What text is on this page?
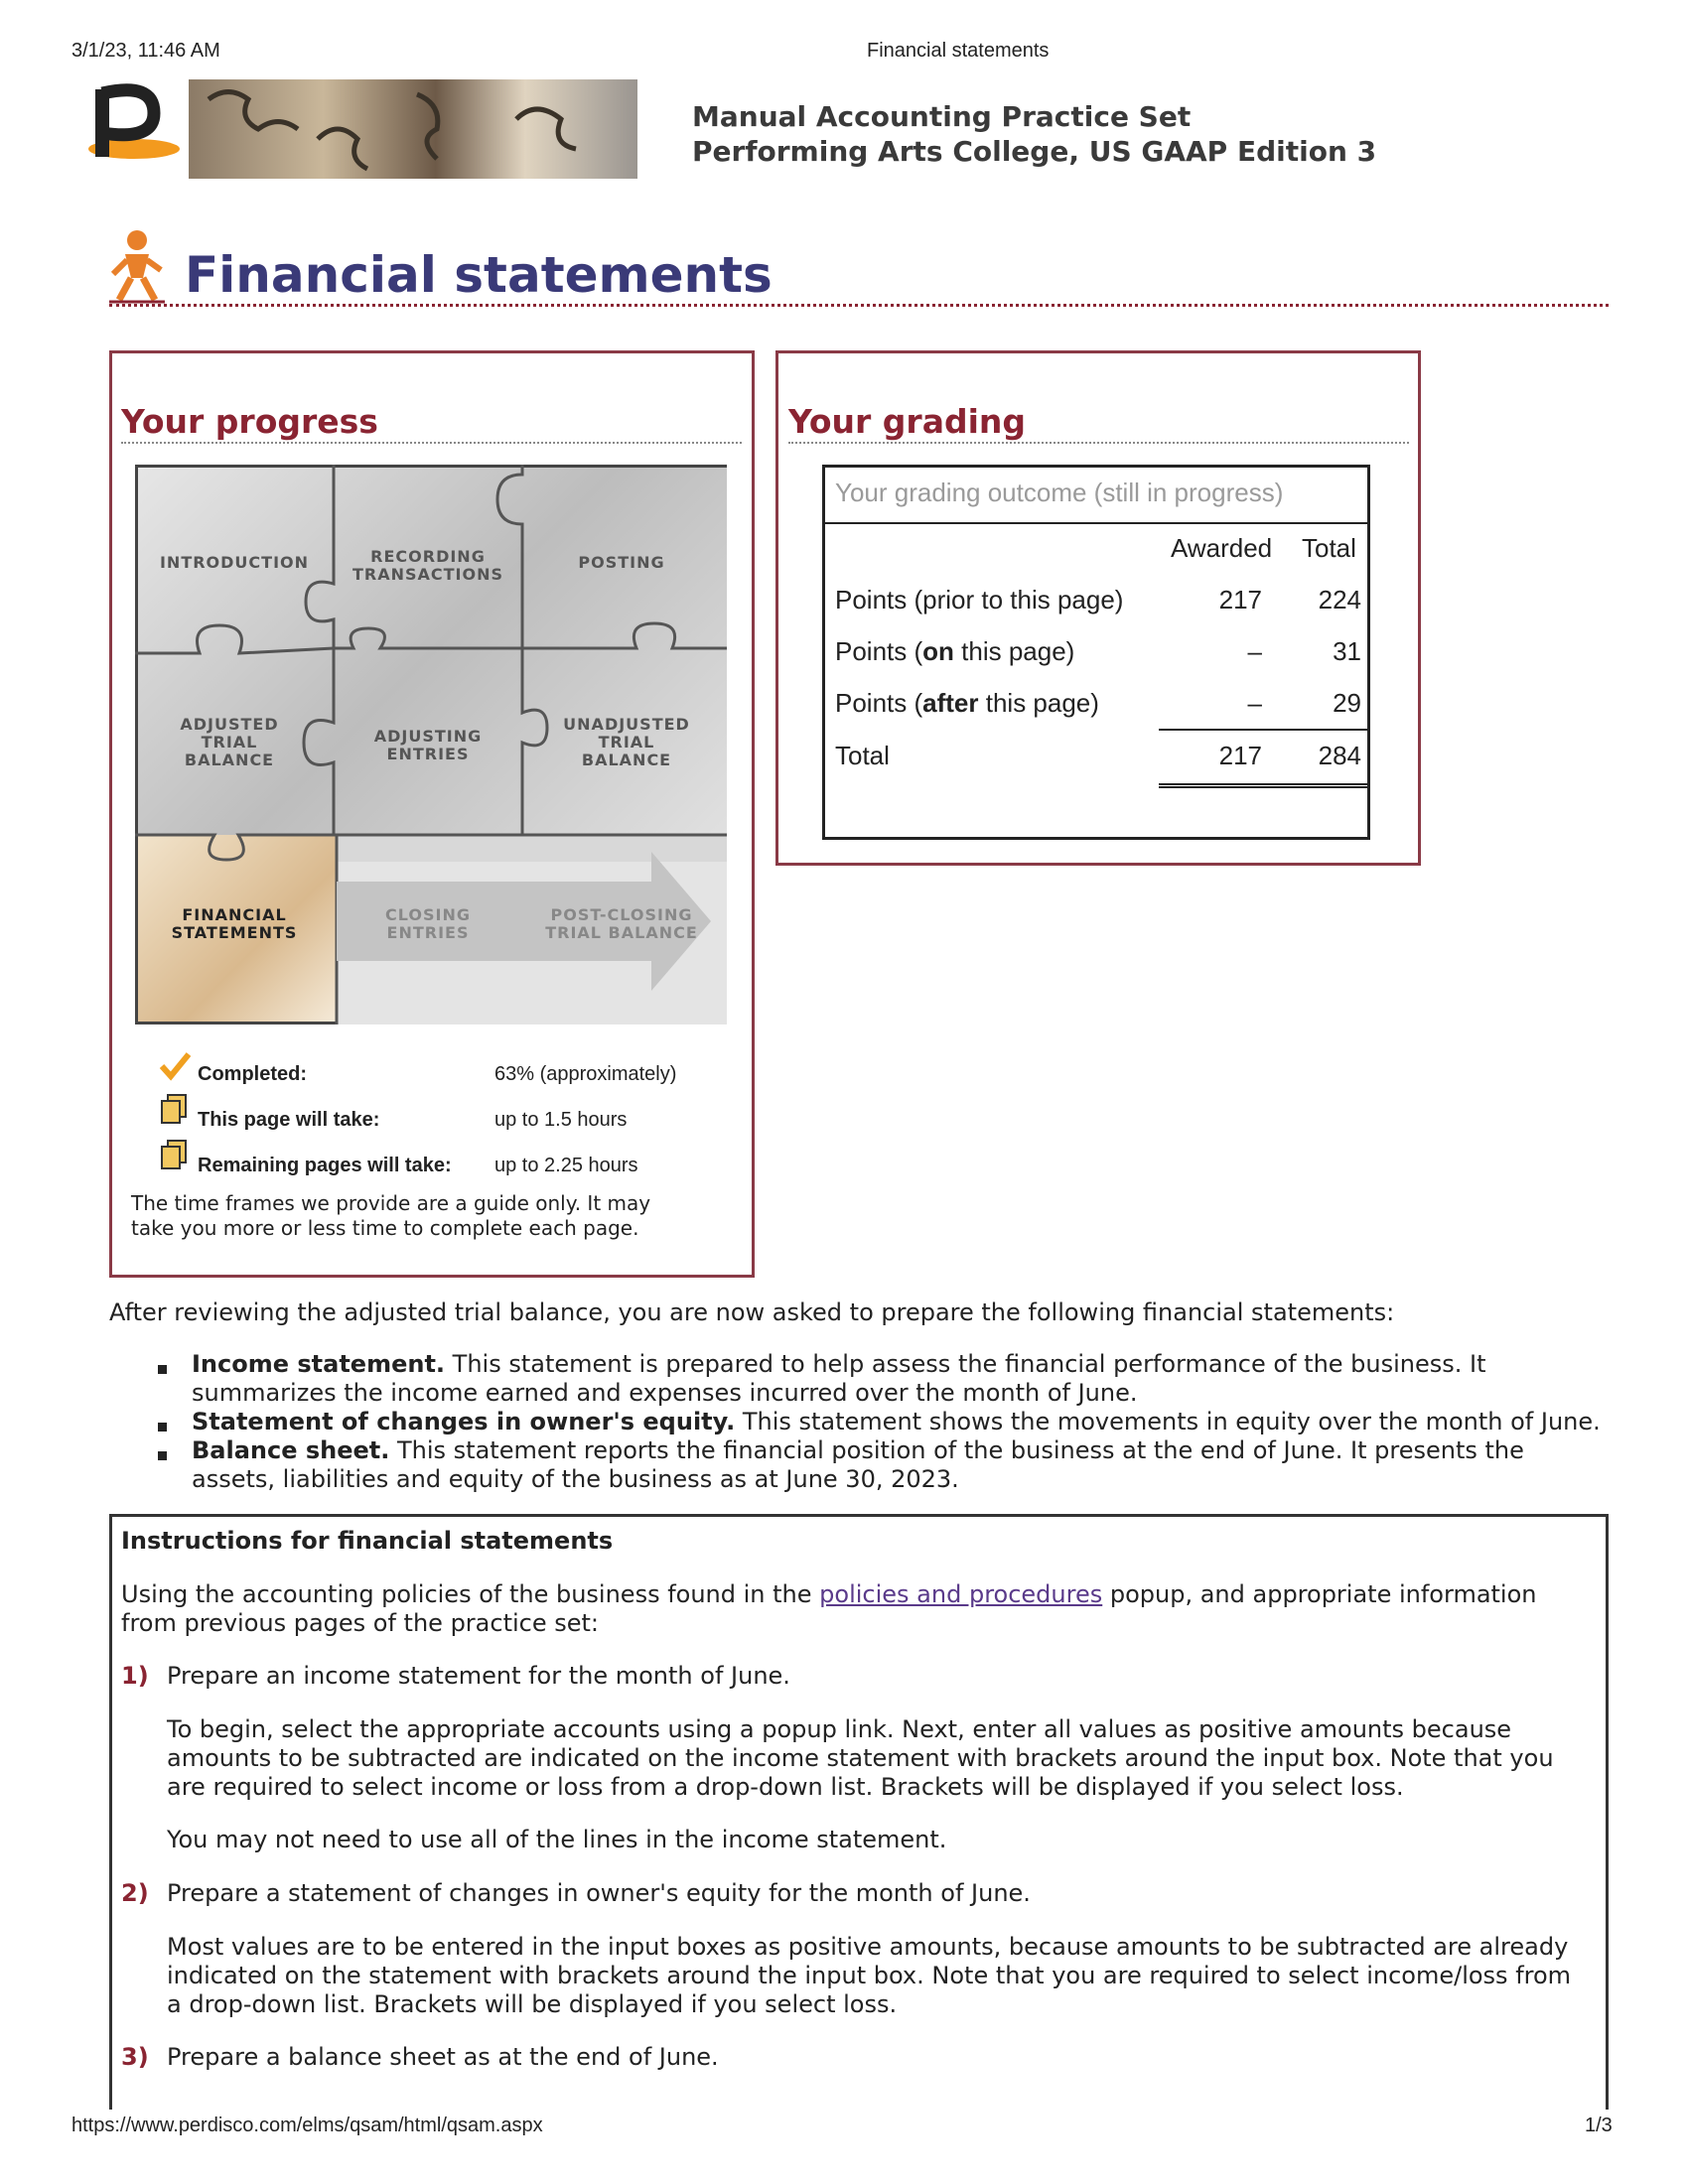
3/1/23, 11:46 AM	Financial statements
Manual Accounting Practice Set
Performing Arts College, US GAAP Edition 3
Financial statements
Your progress
INTRODUCTION	RECORDING
TRANSACTIONS
POSTING
ADJUSTED
TRIAL
BALANCE
ADJUSTING
ENTRIES
UNADJUSTED
TRIAL
BALANCE
FINANCIAL
STATEMENTS
CLOSING
ENTRIES
POST-CLOSING
TRIAL BALANCE
Completed:	63% (approximately)
This page will take:	up to 1.5 hours
Remaining pages will take: up to 2.25 hours
The time frames we provide are a guide only. It may
take you more or less time to complete each page.
Your grading
Your grading outcome (still in progress)
Awarded Total
Points (prior to this page)	217	224
Points (on this page)	–	31
Points (after this page)	–	29
Total	217	284
After reviewing the adjusted trial balance, you are now asked to prepare the following financial statements:
Income statement. This statement is prepared to help assess the financial performance of the business. It
summarizes the income earned and expenses incurred over the month of June.
Statement of changes in owner's equity. This statement shows the movements in equity over the month of June.
Balance sheet. This statement reports the financial position of the business at the end of June. It presents the
assets, liabilities and equity of the business as at June 30, 2023.
Instructions for financial statements
Using the accounting policies of the business found in the policies and procedures popup, and appropriate information
from previous pages of the practice set:
1) Prepare an income statement for the month of June.
To begin, select the appropriate accounts using a popup link. Next, enter all values as positive amounts because
amounts to be subtracted are indicated on the income statement with brackets around the input box. Note that you
are required to select income or loss from a drop-down list. Brackets will be displayed if you select loss.
You may not need to use all of the lines in the income statement.
2) Prepare a statement of changes in owner's equity for the month of June.
Most values are to be entered in the input boxes as positive amounts, because amounts to be subtracted are already
indicated on the statement with brackets around the input box. Note that you are required to select income/loss from
a drop-down list. Brackets will be displayed if you select loss.
3) Prepare a balance sheet as at the end of June.
https://www.perdisco.com/elms/qsam/html/qsam.aspx	1/3
